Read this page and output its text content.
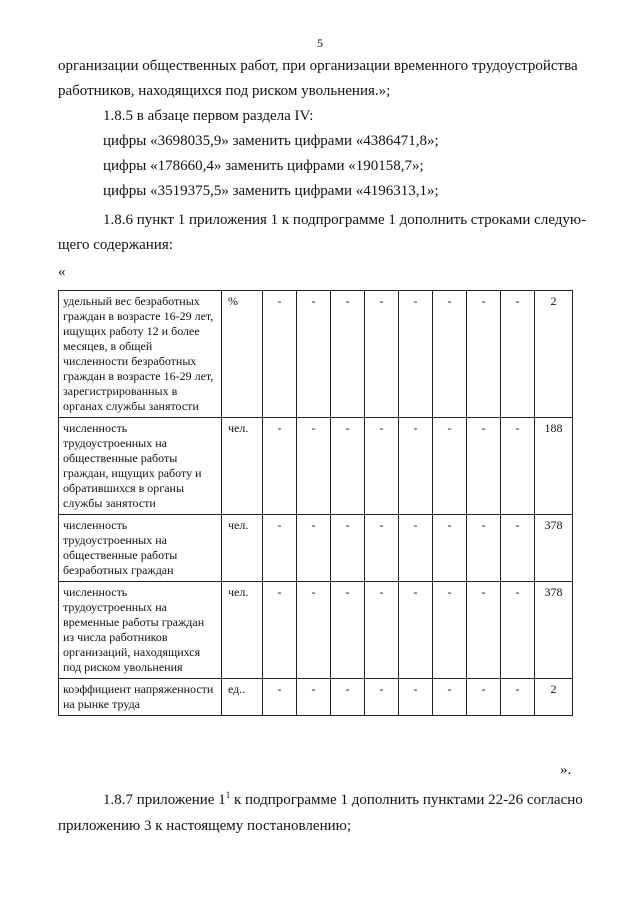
5
организации общественных работ, при организации временного трудоустройства
работников, находящихся под риском увольнения.»;
1.8.5 в абзаце первом раздела IV:
цифры «3698035,9» заменить цифрами «4386471,8»;
цифры «178660,4» заменить цифрами «190158,7»;
цифры «3519375,5» заменить цифрами «4196313,1»;
1.8.6 пункт 1 приложения 1 к подпрограмме 1 дополнить строками следую-
щего содержания:
«
удельный вес безработных граждан в возрасте 16-29 лет, ищущих работу 12 и более месяцев, в общей численности безработных граждан в возрасте 16-29 лет, зарегистрированных в органах службы занятости	%	-	-	-	-	-	-	-	-	2
численность трудоустроенных на общественные работы граждан, ищущих работу и обратившихся в органы службы занятости	чел.	-	-	-	-	-	-	-	-	188
численность трудоустроенных на общественные работы безработных граждан	чел.	-	-	-	-	-	-	-	-	378
численность трудоустроенных на временные работы граждан из числа работников организаций, находящихся под риском увольнения	чел.	-	-	-	-	-	-	-	-	378
коэффициент напряженности на рынке труда	ед..	-	-	-	-	-	-	-	-	2
».
1.8.7 приложение $1^1$ к подпрограмме 1 дополнить пунктами 22-26 согласно
приложению 3 к настоящему постановлению;
